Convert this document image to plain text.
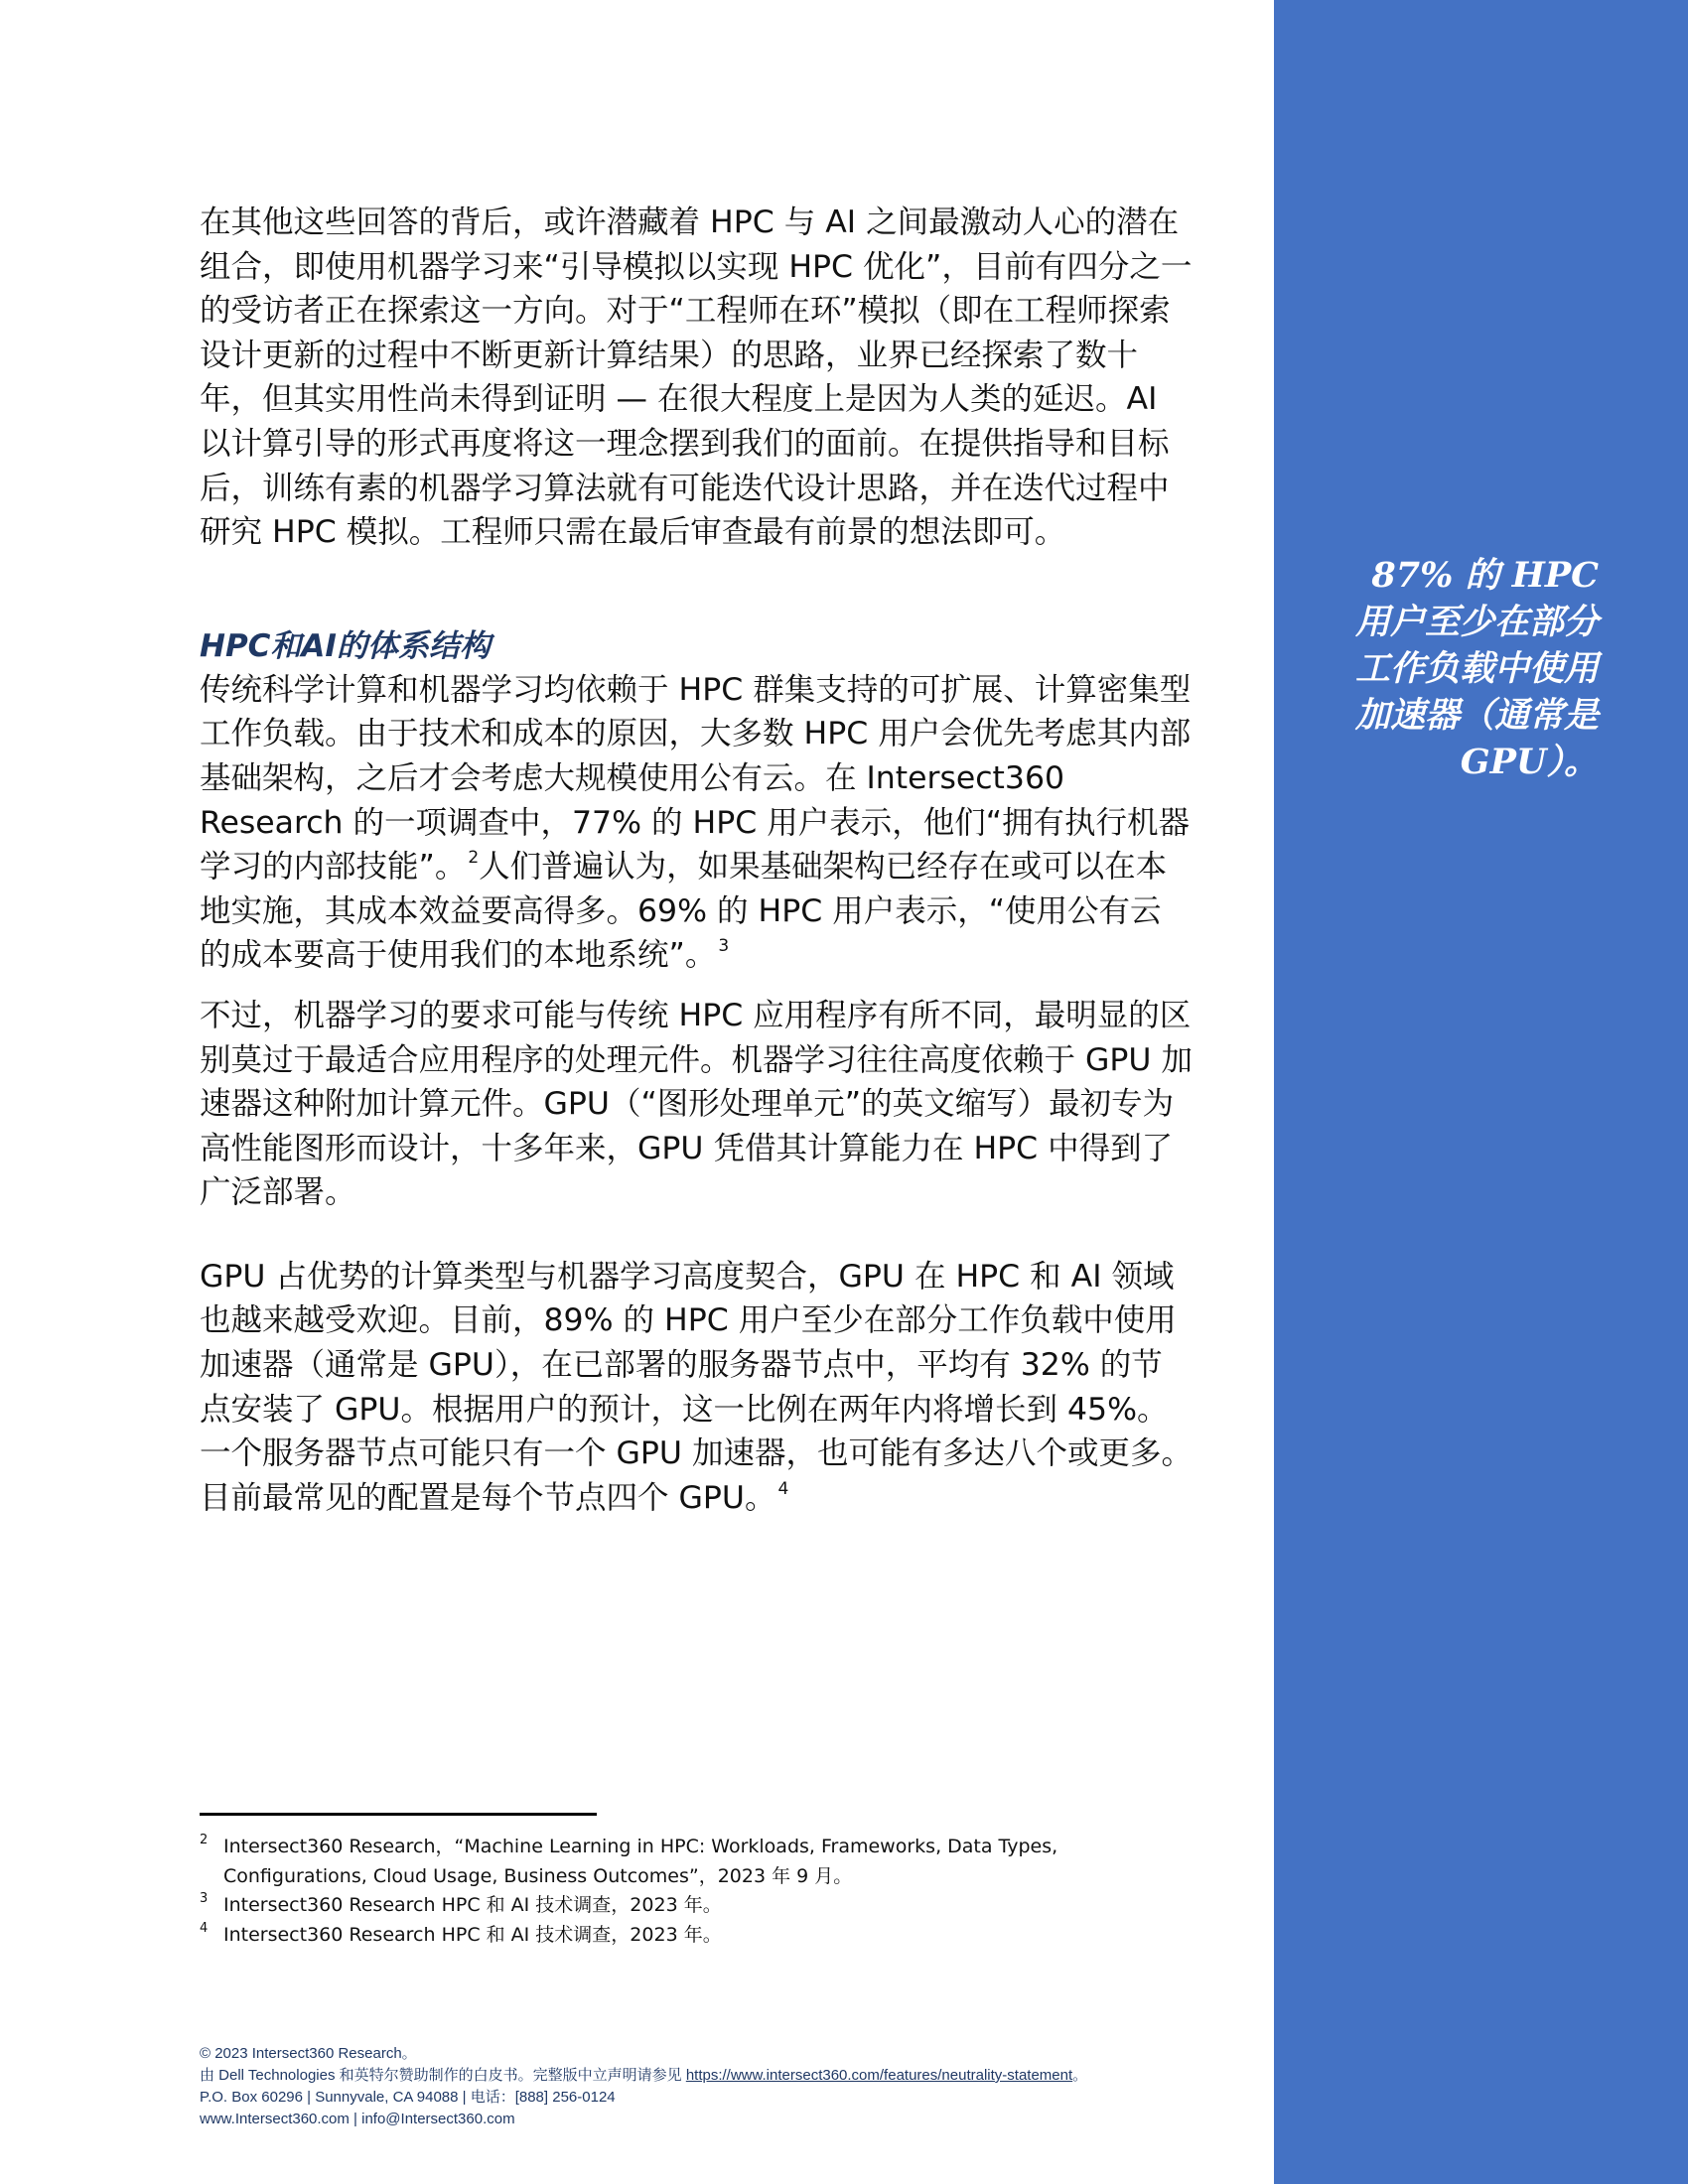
87% 的 HPC
用户至少在部分
工作负载中使用
加速器（通常是
GPU）。

在其他这些回答的背后，或许潜藏着 HPC 与 AI 之间最激动人心的潜在组合，即使用机器学习来“引导模拟以实现 HPC 优化”，目前有四分之一的受访者正在探索这一方向。对于“工程师在环”模拟（即在工程师探索设计更新的过程中不断更新计算结果）的思路，业界已经探索了数十年，但其实用性尚未得到证明 — 在很大程度上是因为人类的延迟。AI 以计算引导的形式再度将这一理念摆到我们的面前。在提供指导和目标后，训练有素的机器学习算法就有可能迭代设计思路，并在迭代过程中研究 HPC 模拟。工程师只需在最后审查最有前景的想法即可。

HPC和AI的体系结构

传统科学计算和机器学习均依赖于 HPC 群集支持的可扩展、计算密集型工作负载。由于技术和成本的原因，大多数 HPC 用户会优先考虑其内部基础架构，之后才会考虑大规模使用公有云。在 Intersect360 Research 的一项调查中，77% 的 HPC 用户表示，他们“拥有执行机器学习的内部技能”。 $^2$人们普遍认为，如果基础架构已经存在或可以在本地实施，其成本效益要高得多。69% 的 HPC 用户表示，“使用公有云的成本要高于使用我们的本地系统”。 $^3$

不过，机器学习的要求可能与传统 HPC 应用程序有所不同，最明显的区别莫过于最适合应用程序的处理元件。机器学习往往高度依赖于 GPU 加速器这种附加计算元件。GPU（“图形处理单元”的英文缩写）最初专为高性能图形而设计，十多年来，GPU 凭借其计算能力在 HPC 中得到了广泛部署。

GPU 占优势的计算类型与机器学习高度契合，GPU 在 HPC 和 AI 领域也越来越受欢迎。目前，89% 的 HPC 用户至少在部分工作负载中使用加速器（通常是 GPU），在已部署的服务器节点中，平均有 32% 的节点安装了 GPU。根据用户的预计，这一比例在两年内将增长到 45%。一个服务器节点可能只有一个 GPU 加速器，也可能有多达八个或更多。目前最常见的配置是每个节点四个 GPU。 $^4$

2 Intersect360 Research，“Machine Learning in HPC: Workloads, Frameworks, Data Types, Configurations, Cloud Usage, Business Outcomes”，2023 年 9 月。
3 Intersect360 Research HPC 和 AI 技术调查，2023 年。
4 Intersect360 Research HPC 和 AI 技术调查，2023 年。
© 2023 Intersect360 Research。
由 Dell Technologies 和英特尔赞助制作的白皮书。完整版中立声明请参见 https://www.intersect360.com/features/neutrality-statement。
P.O. Box 60296 | Sunnyvale, CA 94088 | 电话：[888] 256-0124
www.Intersect360.com | info@Intersect360.com
